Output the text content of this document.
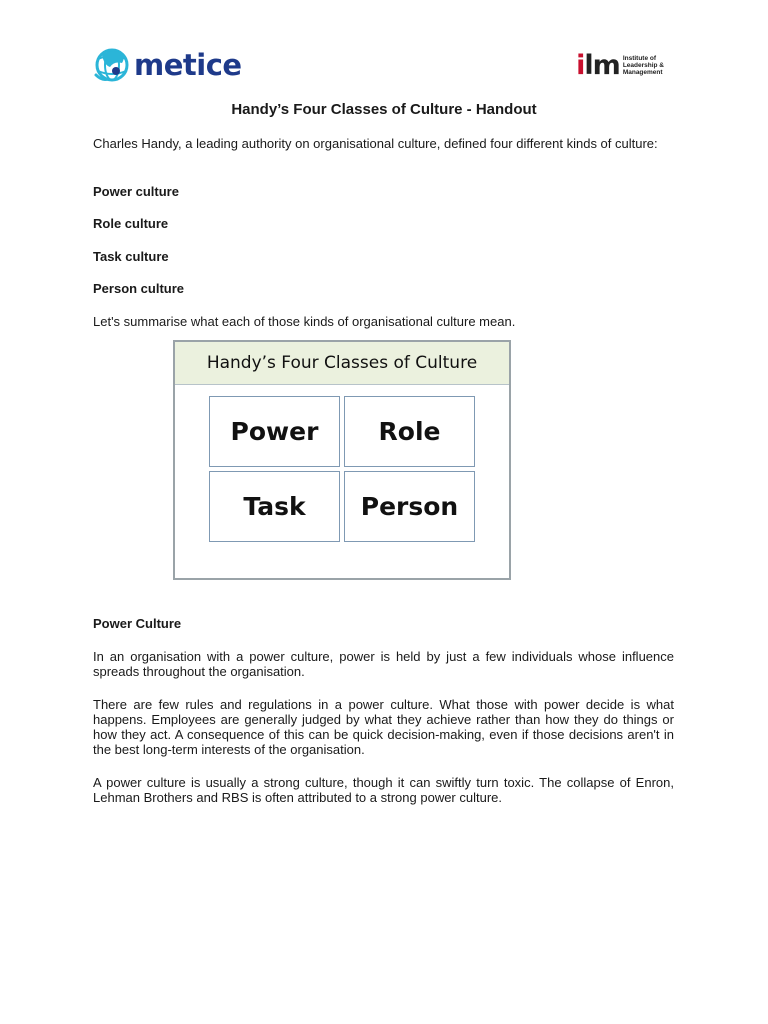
metice	ilm Institute of
Leadership &
Management
Handy’s Four Classes of Culture - Handout

Charles Handy, a leading authority on organisational culture, defined four different kinds of culture:

Power culture

Role culture

Task culture

Person culture

Let's summarise what each of those kinds of organisational culture mean.

Handy’s Four Classes of Culture
Power	Role
Task	Person

Power Culture

In an organisation with a power culture, power is held by just a few individuals whose influence spreads throughout the organisation.

There are few rules and regulations in a power culture. What those with power decide is what happens. Employees are generally judged by what they achieve rather than how they do things or how they act. A consequence of this can be quick decision-making, even if those decisions aren't in the best long-term interests of the organisation.

A power culture is usually a strong culture, though it can swiftly turn toxic. The collapse of Enron, Lehman Brothers and RBS is often attributed to a strong power culture.
